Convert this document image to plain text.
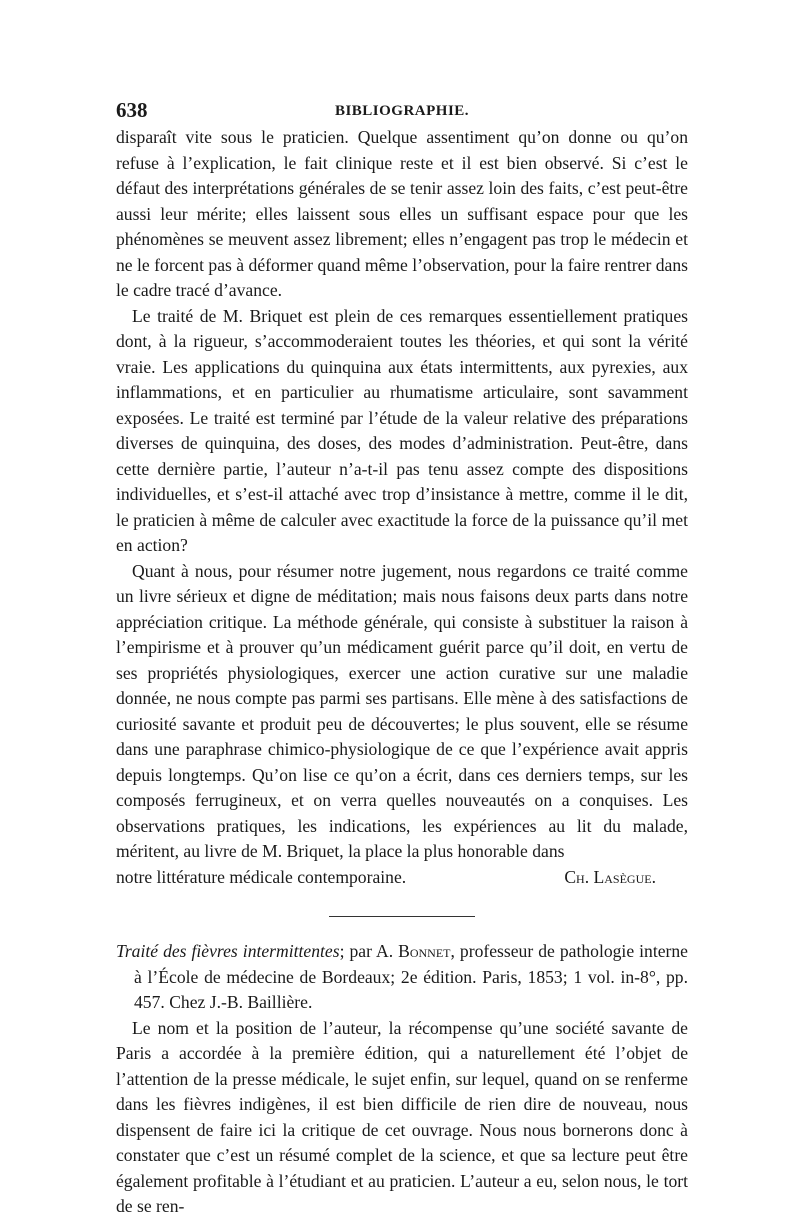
638	BIBLIOGRAPHIE.

disparaît vite sous le praticien. Quelque assentiment qu’on donne ou qu’on refuse à l’explication, le fait clinique reste et il est bien observé. Si c’est le défaut des interprétations générales de se tenir assez loin des faits, c’est peut-être aussi leur mérite; elles laissent sous elles un suffisant espace pour que les phénomènes se meuvent assez librement; elles n’engagent pas trop le médecin et ne le forcent pas à déformer quand même l’observation, pour la faire rentrer dans le cadre tracé d’avance.

Le traité de M. Briquet est plein de ces remarques essentiellement pratiques dont, à la rigueur, s’accommoderaient toutes les théories, et qui sont la vérité vraie. Les applications du quinquina aux états intermittents, aux pyrexies, aux inflammations, et en particulier au rhumatisme articulaire, sont savamment exposées. Le traité est terminé par l’étude de la valeur relative des préparations diverses de quinquina, des doses, des modes d’administration. Peut-être, dans cette dernière partie, l’auteur n’a-t-il pas tenu assez compte des dispositions individuelles, et s’est-il attaché avec trop d’insistance à mettre, comme il le dit, le praticien à même de calculer avec exactitude la force de la puissance qu’il met en action?

Quant à nous, pour résumer notre jugement, nous regardons ce traité comme un livre sérieux et digne de méditation; mais nous faisons deux parts dans notre appréciation critique. La méthode générale, qui consiste à substituer la raison à l’empirisme et à prouver qu’un médicament guérit parce qu’il doit, en vertu de ses propriétés physiologiques, exercer une action curative sur une maladie donnée, ne nous compte pas parmi ses partisans. Elle mène à des satisfactions de curiosité savante et produit peu de découvertes; le plus souvent, elle se résume dans une paraphrase chimico-physiologique de ce que l’expérience avait appris depuis longtemps. Qu’on lise ce qu’on a écrit, dans ces derniers temps, sur les composés ferrugineux, et on verra quelles nouveautés on a conquises. Les observations pratiques, les indications, les expériences au lit du malade, méritent, au livre de M. Briquet, la place la plus honorable dans

notre littérature médicale contemporaine.	Ch. Lasègue.

Traité des fièvres intermittentes; par A. Bonnet, professeur de pathologie interne à l’École de médecine de Bordeaux; 2e édition. Paris, 1853; 1 vol. in-8°, pp. 457. Chez J.-B. Baillière.

Le nom et la position de l’auteur, la récompense qu’une société savante de Paris a accordée à la première édition, qui a naturellement été l’objet de l’attention de la presse médicale, le sujet enfin, sur lequel, quand on se renferme dans les fièvres indigènes, il est bien difficile de rien dire de nouveau, nous dispensent de faire ici la critique de cet ouvrage. Nous nous bornerons donc à constater que c’est un résumé complet de la science, et que sa lecture peut être également profitable à l’étudiant et au praticien. L’auteur a eu, selon nous, le tort de se ren-
